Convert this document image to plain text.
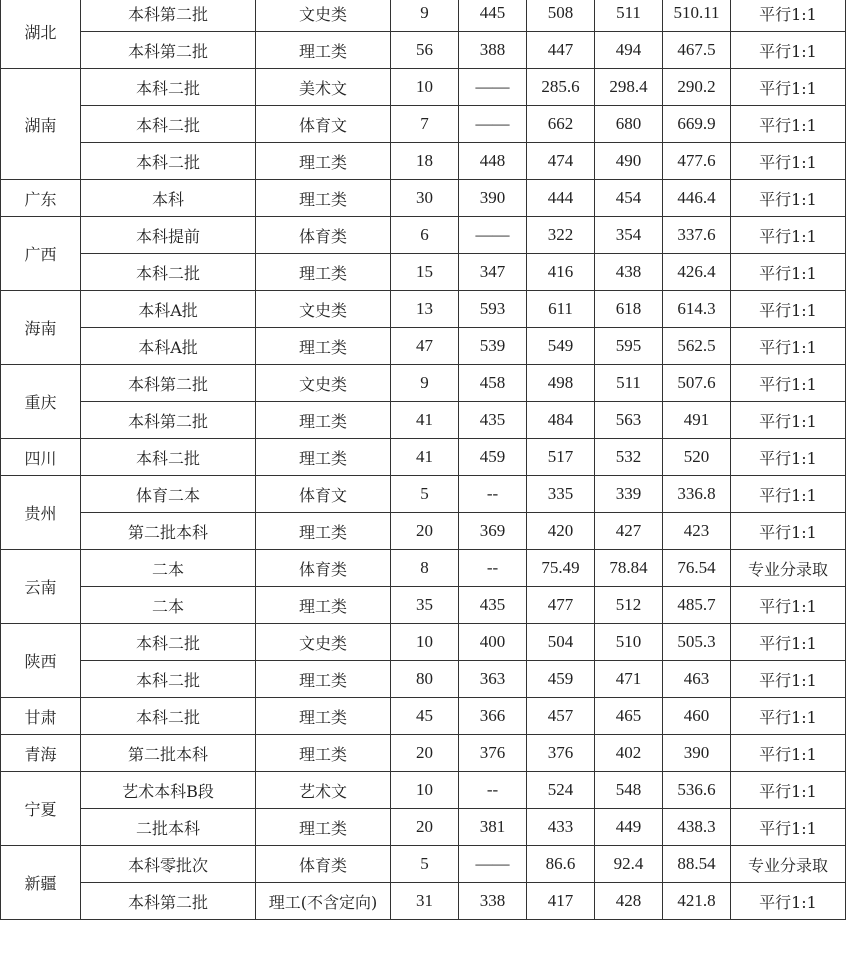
湖北	本科第二批	文史类	9	445	508	511	510.11	平行1:1
	本科第二批	理工类	56	388	447	494	467.5	平行1:1
湖南	本科二批	美术文	10	——	285.6	298.4	290.2	平行1:1
	本科二批	体育文	7	——	662	680	669.9	平行1:1
	本科二批	理工类	18	448	474	490	477.6	平行1:1
广东	本科	理工类	30	390	444	454	446.4	平行1:1
广西	本科提前	体育类	6	——	322	354	337.6	平行1:1
	本科二批	理工类	15	347	416	438	426.4	平行1:1
海南	本科A批	文史类	13	593	611	618	614.3	平行1:1
	本科A批	理工类	47	539	549	595	562.5	平行1:1
重庆	本科第二批	文史类	9	458	498	511	507.6	平行1:1
	本科第二批	理工类	41	435	484	563	491	平行1:1
四川	本科二批	理工类	41	459	517	532	520	平行1:1
贵州	体育二本	体育文	5	--	335	339	336.8	平行1:1
	第二批本科	理工类	20	369	420	427	423	平行1:1
云南	二本	体育类	8	--	75.49	78.84	76.54	专业分录取
	二本	理工类	35	435	477	512	485.7	平行1:1
陕西	本科二批	文史类	10	400	504	510	505.3	平行1:1
	本科二批	理工类	80	363	459	471	463	平行1:1
甘肃	本科二批	理工类	45	366	457	465	460	平行1:1
青海	第二批本科	理工类	20	376	376	402	390	平行1:1
宁夏	艺术本科B段	艺术文	10	--	524	548	536.6	平行1:1
	二批本科	理工类	20	381	433	449	438.3	平行1:1
新疆	本科零批次	体育类	5	——	86.6	92.4	88.54	专业分录取
	本科第二批	理工(不含定向)	31	338	417	428	421.8	平行1:1
